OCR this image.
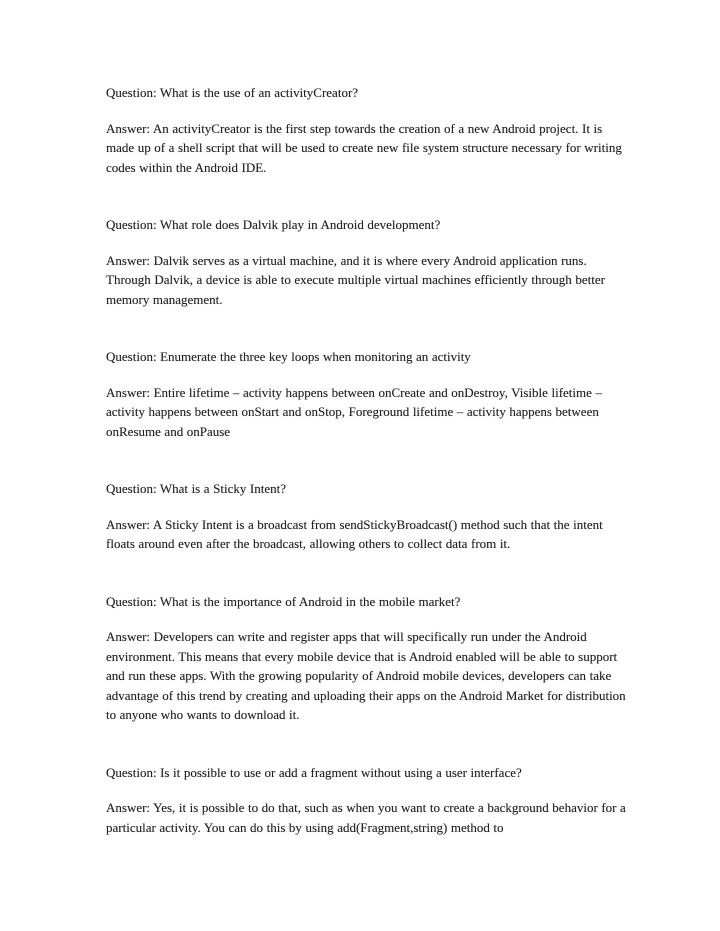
Question: What is the use of an activityCreator?

Answer: An activityCreator is the first step towards the creation of a new Android project. It is made up of a shell script that will be used to create new file system structure necessary for writing codes within the Android IDE.

Question: What role does Dalvik play in Android development?

Answer: Dalvik serves as a virtual machine, and it is where every Android application runs. Through Dalvik, a device is able to execute multiple virtual machines efficiently through better memory management.

Question: Enumerate the three key loops when monitoring an activity

Answer: Entire lifetime – activity happens between onCreate and onDestroy, Visible lifetime – activity happens between onStart and onStop, Foreground lifetime – activity happens between onResume and onPause

Question: What is a Sticky Intent?

Answer: A Sticky Intent is a broadcast from sendStickyBroadcast() method such that the intent floats around even after the broadcast, allowing others to collect data from it.

Question: What is the importance of Android in the mobile market?

Answer: Developers can write and register apps that will specifically run under the Android environment. This means that every mobile device that is Android enabled will be able to support and run these apps. With the growing popularity of Android mobile devices, developers can take advantage of this trend by creating and uploading their apps on the Android Market for distribution to anyone who wants to download it.

Question: Is it possible to use or add a fragment without using a user interface?

Answer: Yes, it is possible to do that, such as when you want to create a background behavior for a particular activity. You can do this by using add(Fragment,string) method to
